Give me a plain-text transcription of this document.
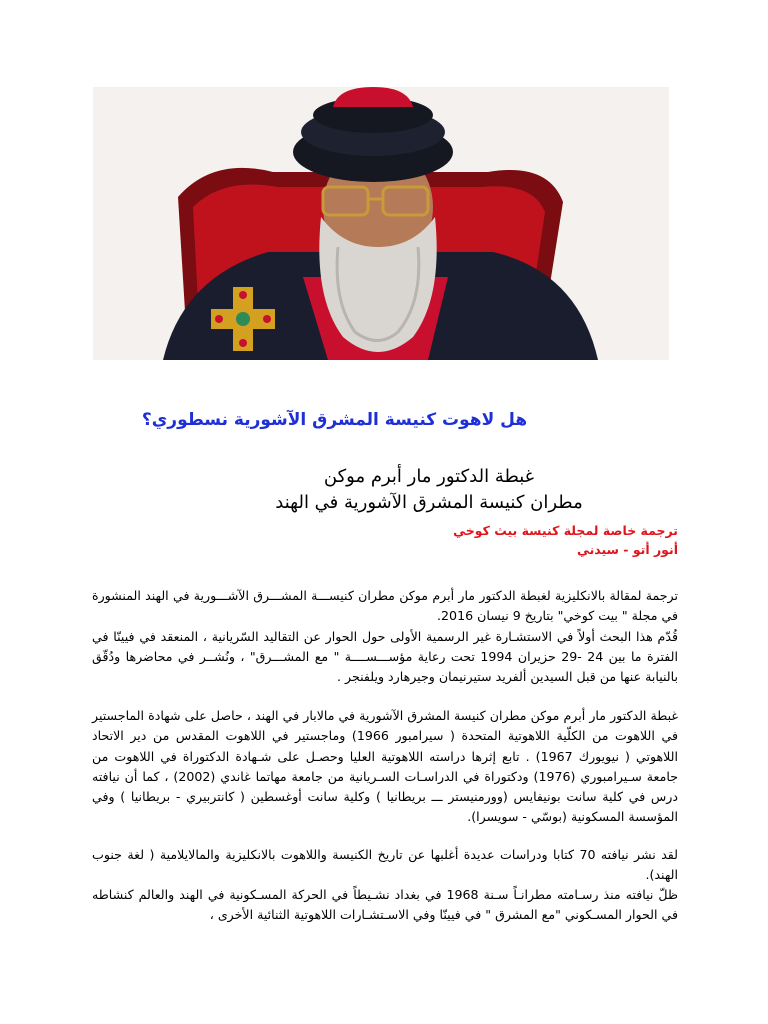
هل لاهوت كنيسة المشرق الآشورية نسطوري؟
غبطة الدكتور مار أبرم موكن
مطران كنيسة المشرق الآشورية في الهند
ترجمة خاصة لمجلة كنيسة بيث كوخي
أنور أتو - سيدني
ترجمة لمقالة بالانكليزية لغبطة الدكتور مار أبرم موكن مطران كنيســـة المشـــرق الآشـــورية في الهند المنشورة في مجلة " بيت كوخي" بتاريخ 9 نيسان 2016.
قُدّم هذا البحث أولاً في الاستشـارة غير الرسمية الأولى حول الحوار عن التقاليد السّريانية ، المنعقد في فيينّا في الفترة ما بين 24 -29 حزيران 1994 تحت رعاية مؤســـســــة " مع المشـــرق" ، ونُشــر في محاضرها ودُقّق بالنيابة عنها من قبل السيدين ألفريد ستيرنيمان وجيرهارد ويلفنجر .
غبطة الدكتور مار أبرم موكن مطران كنيسة المشرق الآشورية في مالابار في الهند ، حاصل على شهادة الماجستير في اللاهوت من الكلّية اللاهوتية المتحدة ( سيرامبور 1966) وماجستير في اللاهوت المقدس من دير الاتحاد اللاهوتي ( نيويورك 1967) . تابع إثرها دراسته اللاهوتية العليا وحصـل على شـهادة الدكتوراة في اللاهوت من جامعة سـيرامبوري (1976) ودكتوراة في الدراسـات السـريانية من جامعة مهاتما غاندي (2002) ، كما أن نيافته درس في كلية سانت بونيفايس (وورمنيستر ـــ بريطانيا ) وكلية سانت أوغسطين ( كانتربيري - بريطانيا ) وفي المؤسسة المسكونية (بوسّي - سويسرا).
لقد نشر نيافته 70 كتابا ودراسات عديدة أغلبها عن تاريخ الكنيسة واللاهوت بالانكليزية والمالايلامية ( لغة جنوب الهند).
ظلّ نيافته منذ رسـامته مطرانـاً سـنة 1968 في بغداد نشـيطاً في الحركة المسـكونية في الهند والعالم كنشاطه في الحوار المسـكوني "مع المشرق " في فيينّا وفي الاسـتشـارات اللاهوتية الثنائية الأخرى ،
